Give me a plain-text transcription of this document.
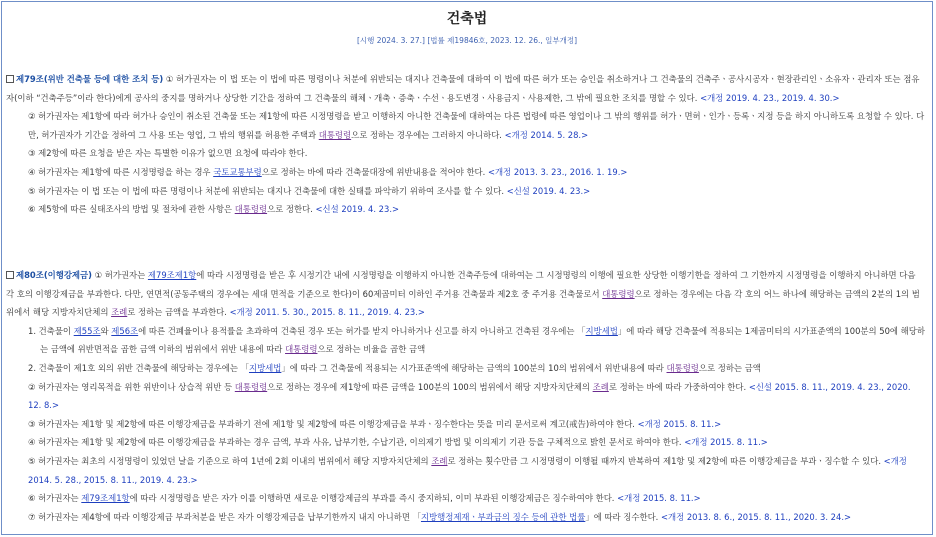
건축법
[시행 2024. 3. 27.] [법률 제19846호, 2023. 12. 26., 일부개정]

제79조(위반 건축물 등에 대한 조치 등) ① 허가권자는 이 법 또는 이 법에 따른 명령이나 처분에 위반되는 대지나 건축물에 대하여 이 법에 따른 허가 또는 승인을 취소하거나 그 건축물의 건축주ㆍ공사시공자ㆍ현장관리인ㆍ소유자ㆍ관리자 또는 점유자(이하 “건축주등”이라 한다)에게 공사의 중지를 명하거나 상당한 기간을 정하여 그 건축물의 해체ㆍ개축ㆍ증축ㆍ수선ㆍ용도변경ㆍ사용금지ㆍ사용제한, 그 밖에 필요한 조치를 명할 수 있다. <개정 2019. 4. 23., 2019. 4. 30.>

② 허가권자는 제1항에 따라 허가나 승인이 취소된 건축물 또는 제1항에 따른 시정명령을 받고 이행하지 아니한 건축물에 대하여는 다른 법령에 따른 영업이나 그 밖의 행위를 허가ㆍ면허ㆍ인가ㆍ등록ㆍ지정 등을 하지 아니하도록 요청할 수 있다. 다만, 허가권자가 기간을 정하여 그 사용 또는 영업, 그 밖의 행위를 허용한 주택과 대통령령으로 정하는 경우에는 그러하지 아니하다. <개정 2014. 5. 28.>

③ 제2항에 따른 요청을 받은 자는 특별한 이유가 없으면 요청에 따라야 한다.

④ 허가권자는 제1항에 따른 시정명령을 하는 경우 국토교통부령으로 정하는 바에 따라 건축물대장에 위반내용을 적어야 한다. <개정 2013. 3. 23., 2016. 1. 19.>

⑤ 허가권자는 이 법 또는 이 법에 따른 명령이나 처분에 위반되는 대지나 건축물에 대한 실태를 파악하기 위하여 조사를 할 수 있다. <신설 2019. 4. 23.>

⑥ 제5항에 따른 실태조사의 방법 및 절차에 관한 사항은 대통령령으로 정한다. <신설 2019. 4. 23.>

제80조(이행강제금) ① 허가권자는 제79조제1항에 따라 시정명령을 받은 후 시정기간 내에 시정명령을 이행하지 아니한 건축주등에 대하여는 그 시정명령의 이행에 필요한 상당한 이행기한을 정하여 그 기한까지 시정명령을 이행하지 아니하면 다음 각 호의 이행강제금을 부과한다. 다만, 연면적(공동주택의 경우에는 세대 면적을 기준으로 한다)이 60제곱미터 이하인 주거용 건축물과 제2호 중 주거용 건축물로서 대통령령으로 정하는 경우에는 다음 각 호의 어느 하나에 해당하는 금액의 2분의 1의 범위에서 해당 지방자치단체의 조례로 정하는 금액을 부과한다. <개정 2011. 5. 30., 2015. 8. 11., 2019. 4. 23.>

1. 건축물이 제55조와 제56조에 따른 건폐율이나 용적률을 초과하여 건축된 경우 또는 허가를 받지 아니하거나 신고를 하지 아니하고 건축된 경우에는 「지방세법」에 따라 해당 건축물에 적용되는 1제곱미터의 시가표준액의 100분의 50에 해당하는 금액에 위반면적을 곱한 금액 이하의 범위에서 위반 내용에 따라 대통령령으로 정하는 비율을 곱한 금액

2. 건축물이 제1호 외의 위반 건축물에 해당하는 경우에는 「지방세법」에 따라 그 건축물에 적용되는 시가표준액에 해당하는 금액의 100분의 10의 범위에서 위반내용에 따라 대통령령으로 정하는 금액

② 허가권자는 영리목적을 위한 위반이나 상습적 위반 등 대통령령으로 정하는 경우에 제1항에 따른 금액을 100분의 100의 범위에서 해당 지방자치단체의 조례로 정하는 바에 따라 가중하여야 한다. <신설 2015. 8. 11., 2019. 4. 23., 2020. 12. 8.>

③ 허가권자는 제1항 및 제2항에 따른 이행강제금을 부과하기 전에 제1항 및 제2항에 따른 이행강제금을 부과ㆍ징수한다는 뜻을 미리 문서로써 계고(戒告)하여야 한다. <개정 2015. 8. 11.>

④ 허가권자는 제1항 및 제2항에 따른 이행강제금을 부과하는 경우 금액, 부과 사유, 납부기한, 수납기관, 이의제기 방법 및 이의제기 기관 등을 구체적으로 밝힌 문서로 하여야 한다. <개정 2015. 8. 11.>

⑤ 허가권자는 최초의 시정명령이 있었던 날을 기준으로 하여 1년에 2회 이내의 범위에서 해당 지방자치단체의 조례로 정하는 횟수만큼 그 시정명령이 이행될 때까지 반복하여 제1항 및 제2항에 따른 이행강제금을 부과ㆍ징수할 수 있다. <개정 2014. 5. 28., 2015. 8. 11., 2019. 4. 23.>

⑥ 허가권자는 제79조제1항에 따라 시정명령을 받은 자가 이를 이행하면 새로운 이행강제금의 부과를 즉시 중지하되, 이미 부과된 이행강제금은 징수하여야 한다. <개정 2015. 8. 11.>

⑦ 허가권자는 제4항에 따라 이행강제금 부과처분을 받은 자가 이행강제금을 납부기한까지 내지 아니하면 「지방행정제재ㆍ부과금의 징수 등에 관한 법률」에 따라 징수한다. <개정 2013. 8. 6., 2015. 8. 11., 2020. 3. 24.>
